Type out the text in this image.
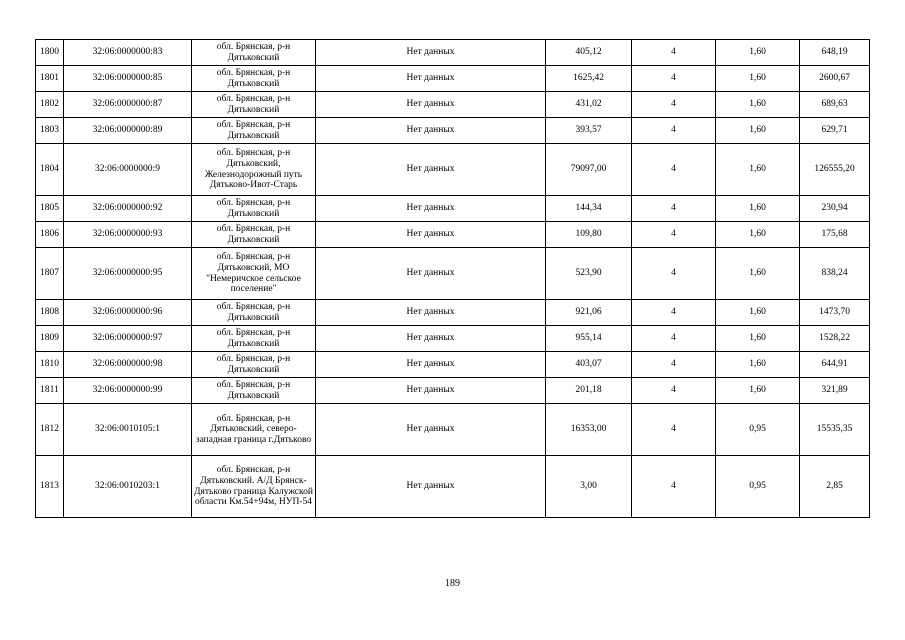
1800	32:06:0000000:83	обл. Брянская, р-н Дятьковский	Нет данных	405,12	4	1,60	648,19
1801	32:06:0000000:85	обл. Брянская, р-н Дятьковский	Нет данных	1625,42	4	1,60	2600,67
1802	32:06:0000000:87	обл. Брянская, р-н Дятьковский	Нет данных	431,02	4	1,60	689,63
1803	32:06:0000000:89	обл. Брянская, р-н Дятьковский	Нет данных	393,57	4	1,60	629,71
1804	32:06:0000000:9	обл. Брянская, р-н Дятьковский, Железнодорожный путь Дятьково-Ивот-Старь	Нет данных	79097,00	4	1,60	126555,20
1805	32:06:0000000:92	обл. Брянская, р-н Дятьковский	Нет данных	144,34	4	1,60	230,94
1806	32:06:0000000:93	обл. Брянская, р-н Дятьковский	Нет данных	109,80	4	1,60	175,68
1807	32:06:0000000:95	обл. Брянская, р-н Дятьковский, МО "Немеричское сельское поселение"	Нет данных	523,90	4	1,60	838,24
1808	32:06:0000000:96	обл. Брянская, р-н Дятьковский	Нет данных	921,06	4	1,60	1473,70
1809	32:06:0000000:97	обл. Брянская, р-н Дятьковский	Нет данных	955,14	4	1,60	1528,22
1810	32:06:0000000:98	обл. Брянская, р-н Дятьковский	Нет данных	403,07	4	1,60	644,91
1811	32:06:0000000:99	обл. Брянская, р-н Дятьковский	Нет данных	201,18	4	1,60	321,89
1812	32:06:0010105:1	обл. Брянская, р-н Дятьковский, северо-западная граница г.Дятьково	Нет данных	16353,00	4	0,95	15535,35
1813	32:06:0010203:1	обл. Брянская, р-н Дятьковский. А/Д Брянск-Дятьково граница Калужской области Км.54+94м, НУП-54	Нет данных	3,00	4	0,95	2,85
189
